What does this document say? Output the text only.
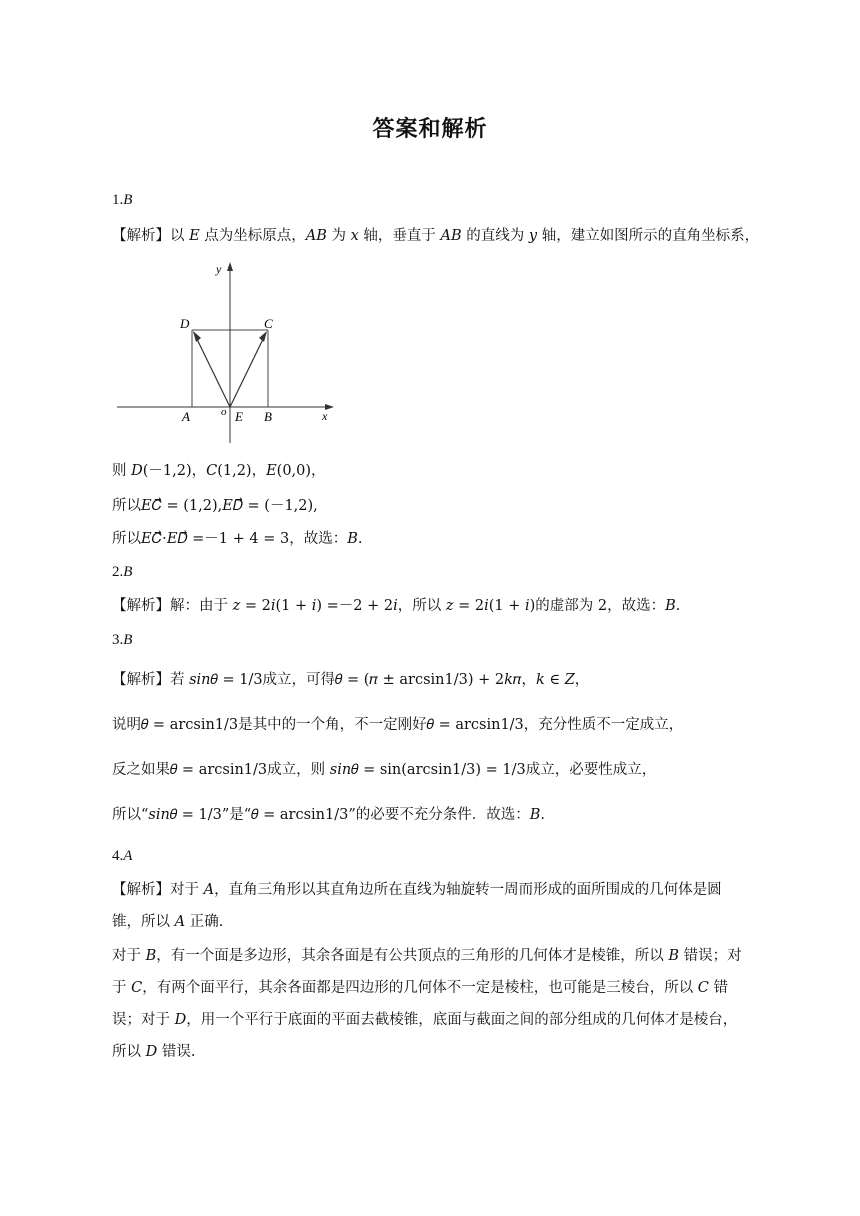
答案和解析
1.B
【解析】以 𝐸 点为坐标原点，𝐴𝐵 为 𝑥 轴，垂直于 𝐴𝐵 的直线为 𝑦 轴，建立如图所示的直角坐标系，
y
x
o
D	C
A	E B
则 𝐷(－1,2)，𝐶(1,2)，𝐸(0,0)，
所以𝐸𝐶⃗ = (1,2),𝐸𝐷⃗ = (－1,2),
所以𝐸𝐶⃗⋅𝐸𝐷⃗ =－1 + 4 = 3，故选：𝐵.
2.B
【解析】解：由于 𝑧 = 2𝑖(1 + 𝑖) =－2 + 2𝑖，所以 𝑧 = 2𝑖(1 + 𝑖)的虚部为 2，故选：𝐵.
3.B
【解析】若 𝑠𝑖𝑛𝜃 = 1/3成立，可得𝜃 = (𝜋 ± arcsin1/3) + 2𝑘𝜋，𝑘 ∈ 𝑍，
说明𝜃 = arcsin1/3是其中的一个角，不一定刚好𝜃 = arcsin1/3，充分性质不一定成立，
反之如果𝜃 = arcsin1/3成立，则 𝑠𝑖𝑛𝜃 = sin(arcsin1/3) = 1/3成立，必要性成立，
所以“𝑠𝑖𝑛𝜃 = 1/3”是“𝜃 = arcsin1/3”的必要不充分条件．故选：𝐵.
4.A
【解析】对于 𝐴，直角三角形以其直角边所在直线为轴旋转一周而形成的面所围成的几何体是圆锥，所以 𝐴 正确.
对于 𝐵，有一个面是多边形，其余各面是有公共顶点的三角形的几何体才是棱锥，所以 𝐵 错误；对于 𝐶，有两个面平行，其余各面都是四边形的几何体不一定是棱柱，也可能是三棱台，所以 𝐶 错误；对于 𝐷，用一个平行于底面的平面去截棱锥，底面与截面之间的部分组成的几何体才是棱台，所以 𝐷 错误.
